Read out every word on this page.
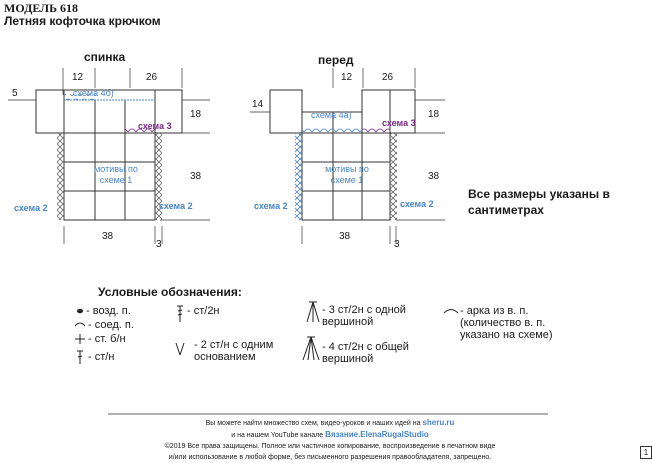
МОДЕЛЬ 618
Летняя кофточка крючком
спинка
12	26
5
18
38
38
3
схема 4б)
схема 3
мотивы по схеме 1
схема 2	схема 2
перед
12	26
14
18
38
38
3
схема 4а)
схема 3
мотивы по схеме 1
схема 2	схема 2
Все размеры указаны в сантиметрах
Условные обозначения:
- возд. п.
- соед. п.
- ст. б/н
- ст/н
- ст/2н
- 2 ст/н с одним основанием
- 3 ст/2н с одной вершиной
- 4 ст/2н с общей вершиной
- арка из в. п. (количество в. п. указано на схеме)
Вы можете найти множество схем, видео-уроков и наших идей на sheru.ru
и на нашем YouTube канале Вязание.ElenaRugalStudio
©2019 Все права защищены. Полное или частичное копирование, воспроизведение в печатном виде
и/или использование в любой форме, без письменного разрешения правообладателя, запрещено.
1
